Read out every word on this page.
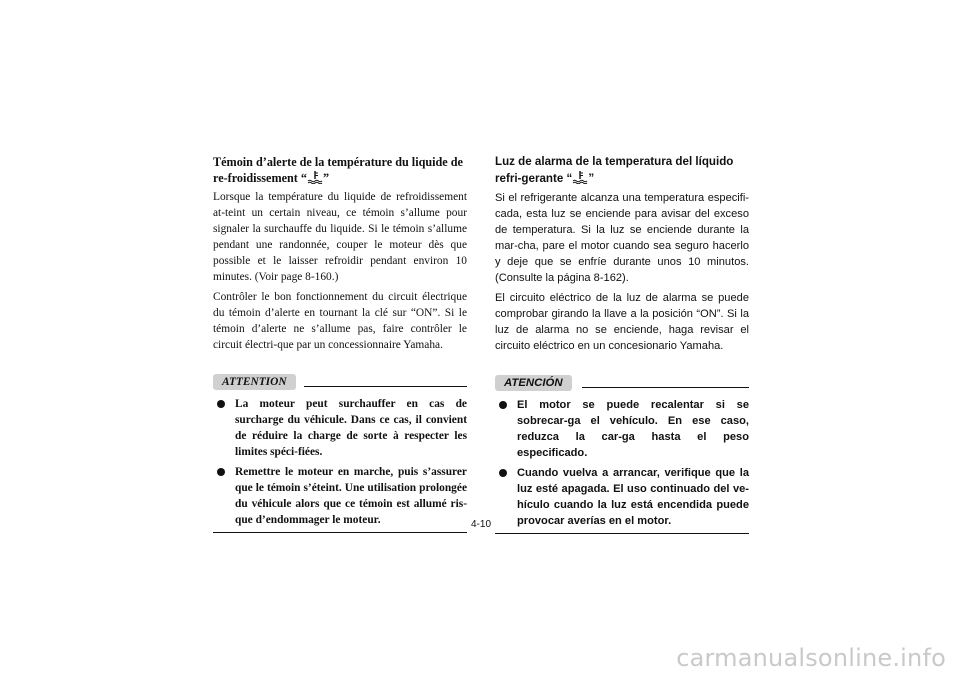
Témoin d’alerte de la température du liquide de re-froidissement “ ”

Lorsque la température du liquide de refroidissement at-teint un certain niveau, ce témoin s’allume pour signaler la surchauffe du liquide. Si le témoin s’allume pendant une randonnée, couper le moteur dès que possible et le laisser refroidir pendant environ 10 minutes. (Voir page 8-160.)

Contrôler le bon fonctionnement du circuit électrique du témoin d’alerte en tournant la clé sur “ON”. Si le témoin d’alerte ne s’allume pas, faire contrôler le circuit électri-que par un concessionnaire Yamaha.

ATTENTION
La moteur peut surchauffer en cas de surcharge du véhicule. Dans ce cas, il convient de réduire la charge de sorte à respecter les limites spéci-fiées.
Remettre le moteur en marche, puis s’assurer que le témoin s’éteint. Une utilisation prolongée du véhicule alors que ce témoin est allumé ris-que d’endommager le moteur.

Luz de alarma de la temperatura del líquido refri-gerante “ ”

Si el refrigerante alcanza una temperatura especifi-cada, esta luz se enciende para avisar del exceso de temperatura. Si la luz se enciende durante la mar-cha, pare el motor cuando sea seguro hacerlo y deje que se enfríe durante unos 10 minutos. (Consulte la página 8-162).

El circuito eléctrico de la luz de alarma se puede comprobar girando la llave a la posición “ON”. Si la luz de alarma no se enciende, haga revisar el circuito eléctrico en un concesionario Yamaha.

ATENCIÓN
El motor se puede recalentar si se sobrecar-ga el vehículo. En ese caso, reduzca la car-ga hasta el peso especificado.
Cuando vuelva a arrancar, verifique que la luz esté apagada. El uso continuado del ve-hículo cuando la luz está encendida puede provocar averías en el motor.
4-10
carmanualsonline.info
